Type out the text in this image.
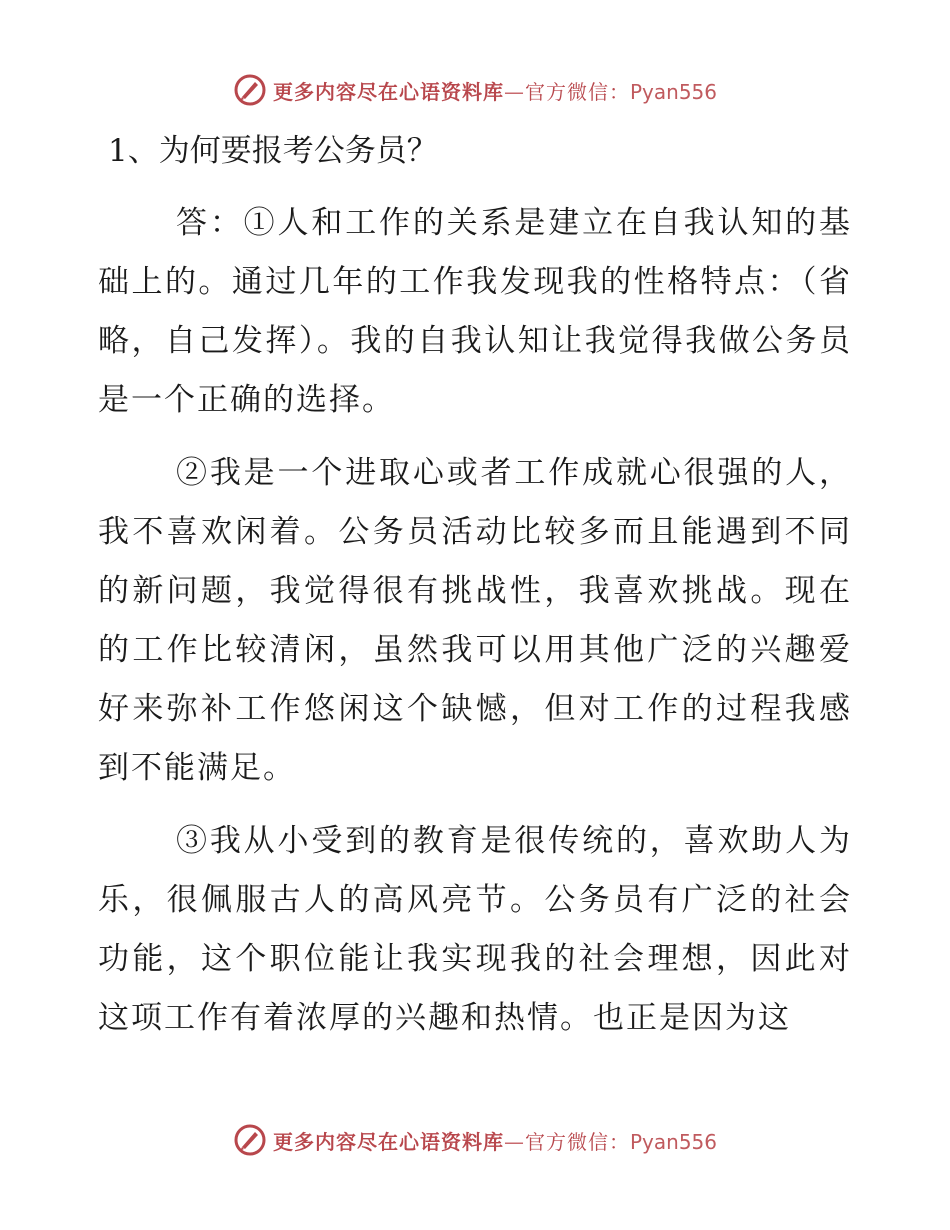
更多内容尽在心语资料库—官方微信：Pyan556
1、为何要报考公务员？

答：①人和工作的关系是建立在自我认知的基础上的。通过几年的工作我发现我的性格特点：（省略，自己发挥）。我的自我认知让我觉得我做公务员是一个正确的选择。

②我是一个进取心或者工作成就心很强的人，我不喜欢闲着。公务员活动比较多而且能遇到不同的新问题，我觉得很有挑战性，我喜欢挑战。现在的工作比较清闲，虽然我可以用其他广泛的兴趣爱好来弥补工作悠闲这个缺憾，但对工作的过程我感到不能满足。

③我从小受到的教育是很传统的，喜欢助人为乐，很佩服古人的高风亮节。公务员有广泛的社会功能，这个职位能让我实现我的社会理想，因此对这项工作有着浓厚的兴趣和热情。也正是因为这

更多内容尽在心语资料库—官方微信：Pyan556
